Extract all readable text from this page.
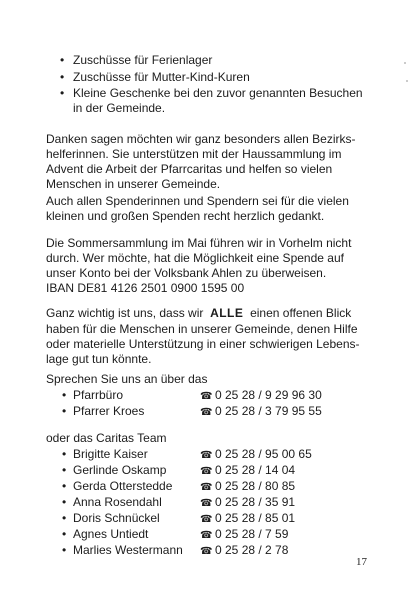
• Zuschüsse für Ferienlager
• Zuschüsse für Mutter-Kind-Kuren
• Kleine Geschenke bei den zuvor genannten Besuchen
in der Gemeinde.
Danken sagen möchten wir ganz besonders allen Bezirks-
helferinnen. Sie unterstützen mit der Haussammlung im
Advent die Arbeit der Pfarrcaritas und helfen so vielen
Menschen in unserer Gemeinde.
Auch allen Spenderinnen und Spendern sei für die vielen
kleinen und großen Spenden recht herzlich gedankt.
Die Sommersammlung im Mai führen wir in Vorhelm nicht
durch. Wer möchte, hat die Möglichkeit eine Spende auf
unser Konto bei der Volksbank Ahlen zu überweisen.
IBAN DE81 4126 2501 0900 1595 00
Ganz wichtig ist uns, dass wir ALLE einen offenen Blick
haben für die Menschen in unserer Gemeinde, denen Hilfe
oder materielle Unterstützung in einer schwierigen Lebens-
lage gut tun könnte.
Sprechen Sie uns an über das
• Pfarrbüro	☎ 0 25 28 / 9 29 96 30
• Pfarrer Kroes	☎ 0 25 28 / 3 79 95 55
oder das Caritas Team
• Brigitte Kaiser	☎ 0 25 28 / 95 00 65
• Gerlinde Oskamp	☎ 0 25 28 / 14 04
• Gerda Otterstedde	☎ 0 25 28 / 80 85
• Anna Rosendahl	☎ 0 25 28 / 35 91
• Doris Schnückel	☎ 0 25 28 / 85 01
• Agnes Untiedt	☎ 0 25 28 / 7 59
• Marlies Westermann ☎ 0 25 28 / 2 78
17
